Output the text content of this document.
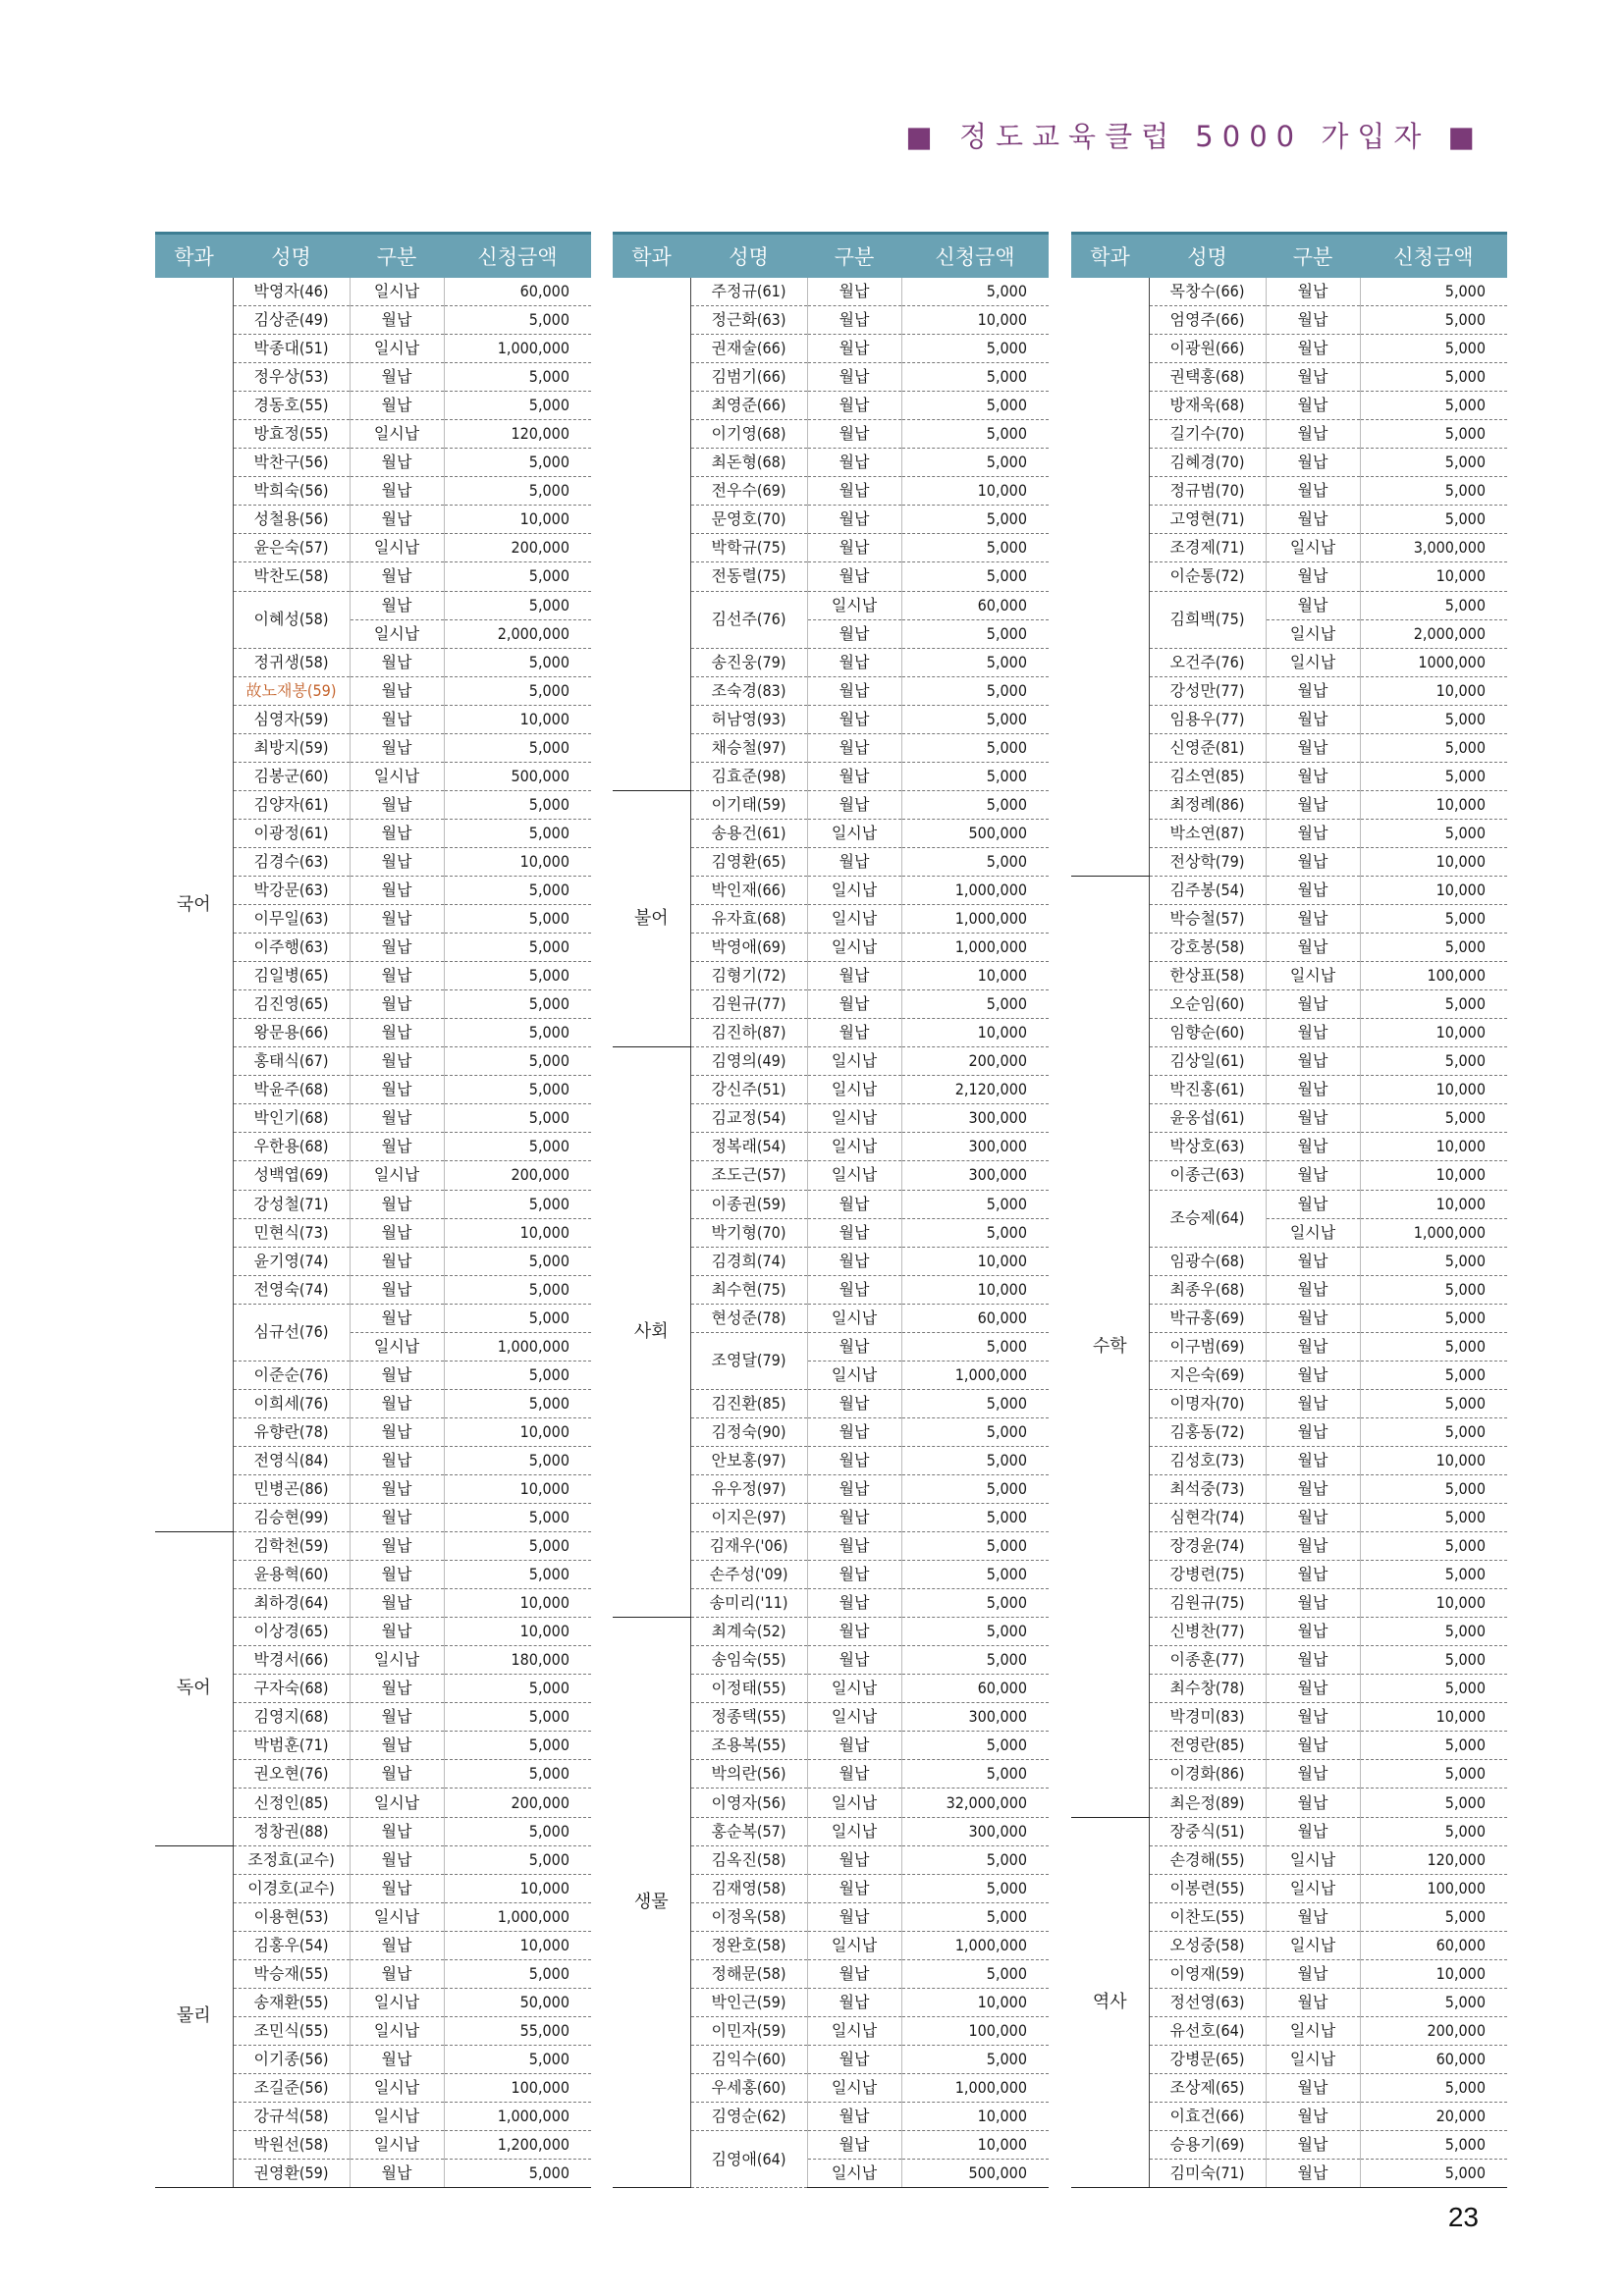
■ 정도교육클럽 5000 가입자 ■
학과	성명	구분	신청금액
국어	박영자(46)	일시납	60,000
	김상준(49)	월납	5,000
	박종대(51)	일시납	1,000,000
	정우상(53)	월납	5,000
	경동호(55)	월납	5,000
	방효정(55)	일시납	120,000
	박찬구(56)	월납	5,000
	박희숙(56)	월납	5,000
	성철용(56)	월납	10,000
	윤은숙(57)	일시납	200,000
	박찬도(58)	월납	5,000
	이혜성(58)	월납	5,000
		일시납	2,000,000
	정귀생(58)	월납	5,000
	故노재봉(59)	월납	5,000
	심영자(59)	월납	10,000
	최방지(59)	월납	5,000
	김봉군(60)	일시납	500,000
	김양자(61)	월납	5,000
	이광정(61)	월납	5,000
	김경수(63)	월납	10,000
	박강문(63)	월납	5,000
	이무일(63)	월납	5,000
	이주행(63)	월납	5,000
	김일병(65)	월납	5,000
	김진영(65)	월납	5,000
	왕문용(66)	월납	5,000
	홍태식(67)	월납	5,000
	박윤주(68)	월납	5,000
	박인기(68)	월납	5,000
	우한용(68)	월납	5,000
	성백엽(69)	일시납	200,000
	강성철(71)	월납	5,000
	민현식(73)	월납	10,000
	윤기영(74)	월납	5,000
	전영숙(74)	월납	5,000
	심규선(76)	월납	5,000
		일시납	1,000,000
	이준순(76)	월납	5,000
	이희세(76)	월납	5,000
	유향란(78)	월납	10,000
	전영식(84)	월납	5,000
	민병곤(86)	월납	10,000
	김승현(99)	월납	5,000
독어	김학천(59)	월납	5,000
	윤용혁(60)	월납	5,000
	최하경(64)	월납	10,000
	이상경(65)	월납	10,000
	박경서(66)	일시납	180,000
	구자숙(68)	월납	5,000
	김영지(68)	월납	5,000
	박범훈(71)	월납	5,000
	권오현(76)	월납	5,000
	신정인(85)	일시납	200,000
	정창권(88)	월납	5,000
물리	조정효(교수)	월납	5,000
	이경호(교수)	월납	10,000
	이용현(53)	일시납	1,000,000
	김홍우(54)	월납	10,000
	박승재(55)	월납	5,000
	송재환(55)	일시납	50,000
	조민식(55)	일시납	55,000
	이기종(56)	월납	5,000
	조길준(56)	일시납	100,000
	강규석(58)	일시납	1,000,000
	박원선(58)	일시납	1,200,000
	권영환(59)	월납	5,000
학과	성명	구분	신청금액
	주정규(61)	월납	5,000
	정근화(63)	월납	10,000
	권재술(66)	월납	5,000
	김범기(66)	월납	5,000
	최영준(66)	월납	5,000
	이기영(68)	월납	5,000
	최돈형(68)	월납	5,000
	전우수(69)	월납	10,000
	문영호(70)	월납	5,000
	박학규(75)	월납	5,000
	전동렬(75)	월납	5,000
	김선주(76)	일시납	60,000
		월납	5,000
	송진웅(79)	월납	5,000
	조숙경(83)	월납	5,000
	허남영(93)	월납	5,000
	채승철(97)	월납	5,000
	김효준(98)	월납	5,000
불어	이기태(59)	월납	5,000
	송용건(61)	일시납	500,000
	김영환(65)	월납	5,000
	박인재(66)	일시납	1,000,000
	유자효(68)	일시납	1,000,000
	박영애(69)	일시납	1,000,000
	김형기(72)	월납	10,000
	김원규(77)	월납	5,000
	김진하(87)	월납	10,000
사회	김영의(49)	일시납	200,000
	강신주(51)	일시납	2,120,000
	김교정(54)	일시납	300,000
	정복래(54)	일시납	300,000
	조도근(57)	일시납	300,000
	이종권(59)	월납	5,000
	박기형(70)	월납	5,000
	김경희(74)	월납	10,000
	최수현(75)	월납	10,000
	현성준(78)	일시납	60,000
	조영달(79)	월납	5,000
		일시납	1,000,000
	김진환(85)	월납	5,000
	김정숙(90)	월납	5,000
	안보홍(97)	월납	5,000
	유우정(97)	월납	5,000
	이지은(97)	월납	5,000
	김재우('06)	월납	5,000
	손주성('09)	월납	5,000
	송미리('11)	월납	5,000
생물	최계숙(52)	월납	5,000
	송임숙(55)	월납	5,000
	이정태(55)	일시납	60,000
	정종택(55)	일시납	300,000
	조용복(55)	월납	5,000
	박의란(56)	월납	5,000
	이영자(56)	일시납	32,000,000
	홍순복(57)	일시납	300,000
	김옥진(58)	월납	5,000
	김재영(58)	월납	5,000
	이정옥(58)	월납	5,000
	정완호(58)	일시납	1,000,000
	정해문(58)	월납	5,000
	박인근(59)	월납	10,000
	이민자(59)	일시납	100,000
	김익수(60)	월납	5,000
	우세홍(60)	일시납	1,000,000
	김영순(62)	월납	10,000
	김영애(64)	월납	10,000
		일시납	500,000
학과	성명	구분	신청금액
	목창수(66)	월납	5,000
	엄영주(66)	월납	5,000
	이광원(66)	월납	5,000
	권택홍(68)	월납	5,000
	방재욱(68)	월납	5,000
	길기수(70)	월납	5,000
	김혜경(70)	월납	5,000
	정규범(70)	월납	5,000
	고영현(71)	월납	5,000
	조경제(71)	일시납	3,000,000
	이순통(72)	월납	10,000
	김희백(75)	월납	5,000
		일시납	2,000,000
	오건주(76)	일시납	1000,000
	강성만(77)	월납	10,000
	임용우(77)	월납	5,000
	신영준(81)	월납	5,000
	김소연(85)	월납	5,000
	최정례(86)	월납	10,000
	박소연(87)	월납	5,000
	전상학(79)	월납	10,000
수학	김주봉(54)	월납	10,000
	박승철(57)	월납	5,000
	강호봉(58)	월납	5,000
	한상표(58)	일시납	100,000
	오순임(60)	월납	5,000
	임향순(60)	월납	10,000
	김상일(61)	월납	5,000
	박진홍(61)	월납	10,000
	윤옹섭(61)	월납	5,000
	박상호(63)	월납	10,000
	이종근(63)	월납	10,000
	조승제(64)	월납	10,000
		일시납	1,000,000
	임광수(68)	월납	5,000
	최종우(68)	월납	5,000
	박규홍(69)	월납	5,000
	이구범(69)	월납	5,000
	지은숙(69)	월납	5,000
	이명자(70)	월납	5,000
	김홍동(72)	월납	5,000
	김성호(73)	월납	10,000
	최석중(73)	월납	5,000
	심현각(74)	월납	5,000
	장경윤(74)	월납	5,000
	강병련(75)	월납	5,000
	김원규(75)	월납	10,000
	신병찬(77)	월납	5,000
	이종훈(77)	월납	5,000
	최수창(78)	월납	5,000
	박경미(83)	월납	10,000
	전영란(85)	월납	5,000
	이경화(86)	월납	5,000
	최은정(89)	월납	5,000
역사	장중식(51)	월납	5,000
	손경해(55)	일시납	120,000
	이봉련(55)	일시납	100,000
	이찬도(55)	월납	5,000
	오성중(58)	일시납	60,000
	이영재(59)	월납	10,000
	정선영(63)	월납	5,000
	유선호(64)	일시납	200,000
	강병문(65)	일시납	60,000
	조상제(65)	월납	5,000
	이효건(66)	월납	20,000
	승용기(69)	월납	5,000
	김미숙(71)	월납	5,000
23
